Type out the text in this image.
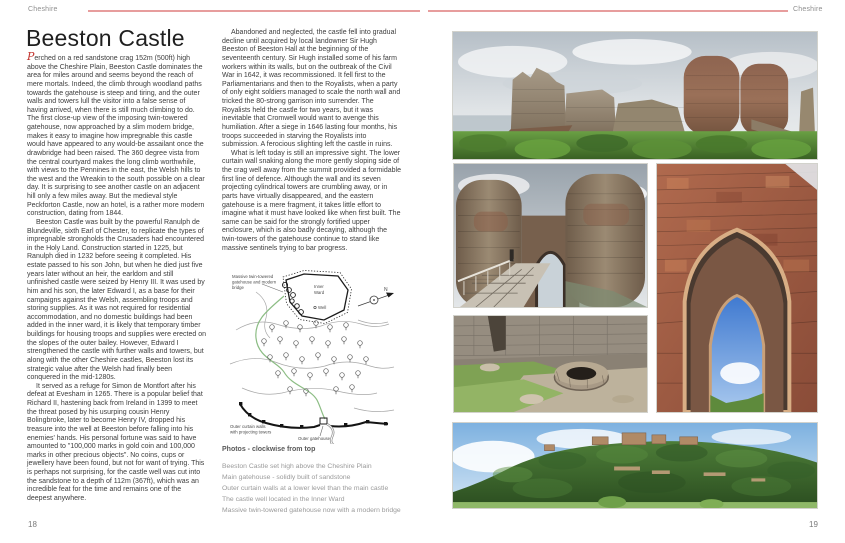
Cheshire
Beeston Castle

Perched on a red sandstone crag 152m (500ft) high above the Cheshire Plain, Beeston Castle dominates the area for miles around and seems beyond the reach of mere mortals. Indeed, the climb through woodland paths towards the gatehouse is steep and tiring, and the outer walls and towers lull the visitor into a false sense of having arrived, when there is still much climbing to do. The first close-up view of the imposing twin-towered gatehouse, now approached by a slim modern bridge, makes it easy to imagine how impregnable this castle would have appeared to any would-be assailant once the drawbridge had been raised. The 360 degree vista from the central courtyard makes the long climb worthwhile, with views to the Pennines in the east, the Welsh hills to the west and the Wreakin to the south possible on a clear day. It is surprising to see another castle on an adjacent hill only a few miles away. But the medieval style Peckforton Castle, now an hotel, is a rather more modern construction, dating from 1844.

Beeston Castle was built by the powerful Ranulph de Blundeville, sixth Earl of Chester, to replicate the types of impregnable strongholds the Crusaders had encountered in the Holy Land. Construction started in 1225, but Ranulph died in 1232 before seeing it completed. His estate passed to his son John, but when he died just five years later without an heir, the earldom and still unfinished castle were seized by Henry III. It was used by him and his son, the later Edward I, as a base for their campaigns against the Welsh, assembling troops and storing supplies. As it was not required for residential accommodation, and no domestic buildings had been added in the inner ward, it is likely that temporary timber buildings for housing troops and supplies were erected on the slopes of the outer bailey. However, Edward I strengthened the castle with further walls and towers, but along with the other Cheshire castles, Beeston lost its strategic value after the Welsh had finally been conquered in the mid-1280s.

It served as a refuge for Simon de Montfort after his defeat at Evesham in 1265. There is a popular belief that Richard II, hastening back from Ireland in 1399 to meet the threat posed by his usurping cousin Henry Bolingbroke, later to become Henry IV, dropped his treasure into the well at Beeston before falling into his enemies' hands. His personal fortune was said to have amounted to "100,000 marks in gold coin and 100,000 marks in other precious objects". No coins, cups or jewellery have been found, but not for want of trying. This is perhaps not surprising, for the castle well was cut into the sandstone to a depth of 112m (367ft), which was an incredible feat for the time and remains one of the deepest anywhere.

Abandoned and neglected, the castle fell into gradual decline until acquired by local landowner Sir Hugh Beeston of Beeston Hall at the beginning of the seventeenth century. Sir Hugh installed some of his farm workers within its walls, but on the outbreak of the Civil War in 1642, it was recommissioned. It fell first to the Parliamentarians and then to the Royalists, when a party of only eight soldiers managed to scale the north wall and tricked the 80-strong garrison into surrender. The Royalists held the castle for two years, but it was inevitable that Cromwell would want to avenge this humiliation. After a siege in 1646 lasting four months, his troops succeeded in starving the Royalists into submission. A ferocious slighting left the castle in ruins.

What is left today is still an impressive sight. The lower curtain wall snaking along the more gently sloping side of the crag well away from the summit provided a formidable first line of defence. Although the wall and its seven projecting cylindrical towers are crumbling away, or in parts have virtually disappeared, and the eastern gatehouse is a mere fragment, it takes little effort to imagine what it must have looked like when first built. The same can be said for the strongly fortified upper enclosure, which is also badly decaying, although the twin-towers of the gatehouse continue to stand like massive sentinels trying to bar progress.

N
Massive twin-towered
gatehouse and modern
bridge	Inner
Ward
Well
Outer curtain walls
with projecting towers
Outer gatehouse
Photos - clockwise from top
Beeston Castle set high above the Cheshire Plain
Main gatehouse - solidly built of sandstone
Outer curtain walls at a lower level than the main castle
The castle well located in the Inner Ward
Massive twin-towered gatehouse now with a modern bridge
18
Cheshire
19
